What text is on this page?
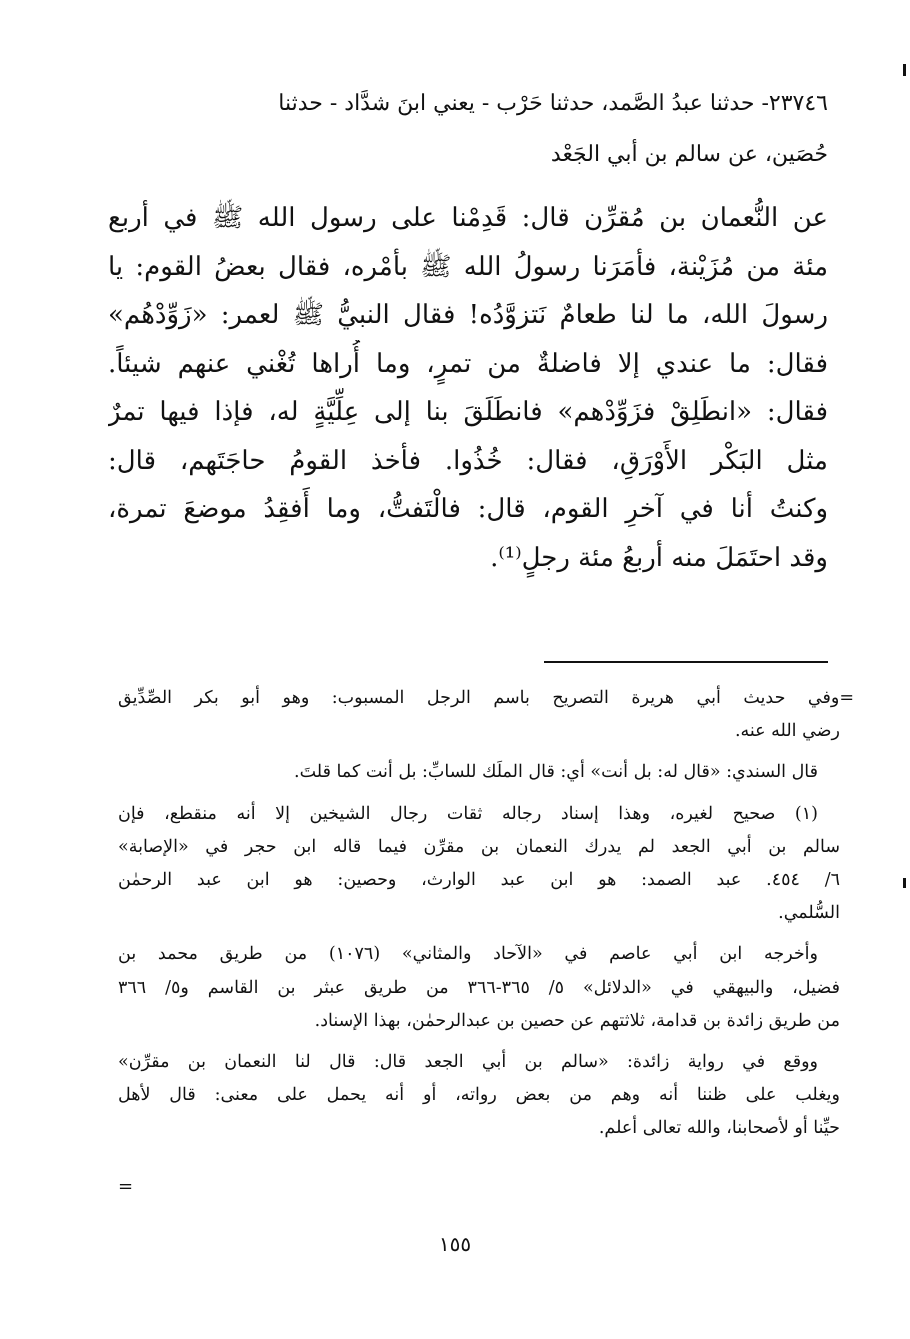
٢٣٧٤٦- حدثنا عبدُ الصَّمد، حدثنا حَرْب - يعني ابنَ شدَّاد - حدثنا
حُصَين، عن سالم بن أبي الجَعْد
عن النُّعمان بن مُقرِّن قال: قَدِمْنا على رسول الله ﷺ في أربع
مئة من مُزَيْنة، فأمَرَنا رسولُ الله ﷺ بأمْره، فقال بعضُ القوم: يا
رسولَ الله، ما لنا طعامٌ نَتزوَّدُه! فقال النبيُّ ﷺ لعمر: «زَوِّدْهُم»
فقال: ما عندي إلا فاضلةٌ من تمرٍ، وما أُراها تُغْني عنهم شيئاً.
فقال: «انطَلِقْ فزَوِّدْهم» فانطَلَقَ بنا إلى عِلِّيَّةٍ له، فإذا فيها تمرٌ
مثل البَكْر الأَوْرَقِ، فقال: خُذُوا. فأخذ القومُ حاجَتَهم، قال:
وكنتُ أنا في آخرِ القوم، قال: فالْتَفتُّ، وما أَفقِدُ موضعَ تمرة،
وقد احتَمَلَ منه أربعُ مئة رجلٍ⁽¹⁾.
=وفي حديث أبي هريرة التصريح باسم الرجل المسبوب: وهو أبو بكر الصِّدِّيق
رضي الله عنه.
قال السندي: «قال له: بل أنت» أي: قال الملَك للسابِّ: بل أنت كما قلتَ.
(١) صحيح لغيره، وهذا إسناد رجاله ثقات رجال الشيخين إلا أنه منقطع، فإن
سالم بن أبي الجعد لم يدرك النعمان بن مقرِّن فيما قاله ابن حجر في «الإصابة»
٦/ ٤٥٤. عبد الصمد: هو ابن عبد الوارث، وحصين: هو ابن عبد الرحمٰن
السُّلمي.
وأخرجه ابن أبي عاصم في «الآحاد والمثاني» (١٠٧٦) من طريق محمد بن
فضيل، والبيهقي في «الدلائل» ٥/ ٣٦٥-٣٦٦ من طريق عبثر بن القاسم و٥/ ٣٦٦
من طريق زائدة بن قدامة، ثلاثتهم عن حصين بن عبدالرحمٰن، بهذا الإسناد.
ووقع في رواية زائدة: «سالم بن أبي الجعد قال: قال لنا النعمان بن مقرِّن»
ويغلب على ظننا أنه وهم من بعض رواته، أو أنه يحمل على معنى: قال لأهل
حيِّنا أو لأصحابنا، والله تعالى أعلم.
=
١٥٥
